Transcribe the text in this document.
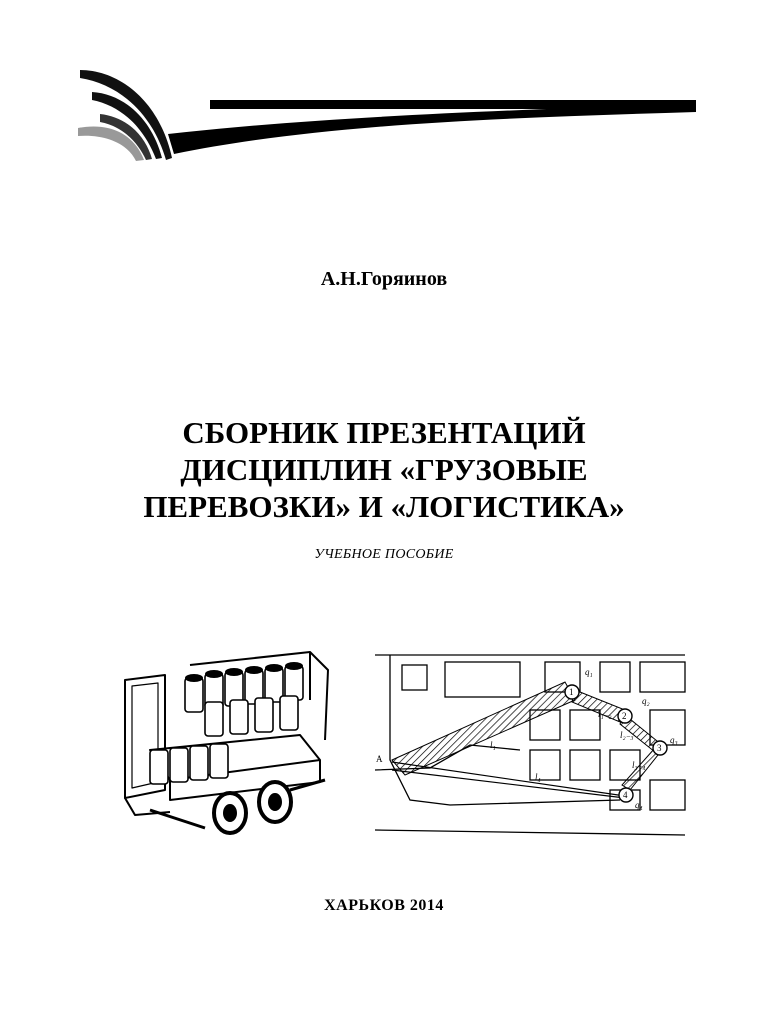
А.Н.Горяинов
СБОРНИК ПРЕЗЕНТАЦИЙ
ДИСЦИПЛИН «ГРУЗОВЫЕ
ПЕРЕВОЗКИ» И «ЛОГИСТИКА»
УЧЕБНОЕ ПОСОБИЕ
1
2
3
4
A
q₁
q₂
q₃
q₄
l₁
l₄
l₁₋₂
l₂₋₃
l₃₋₄
ХАРЬКОВ 2014
